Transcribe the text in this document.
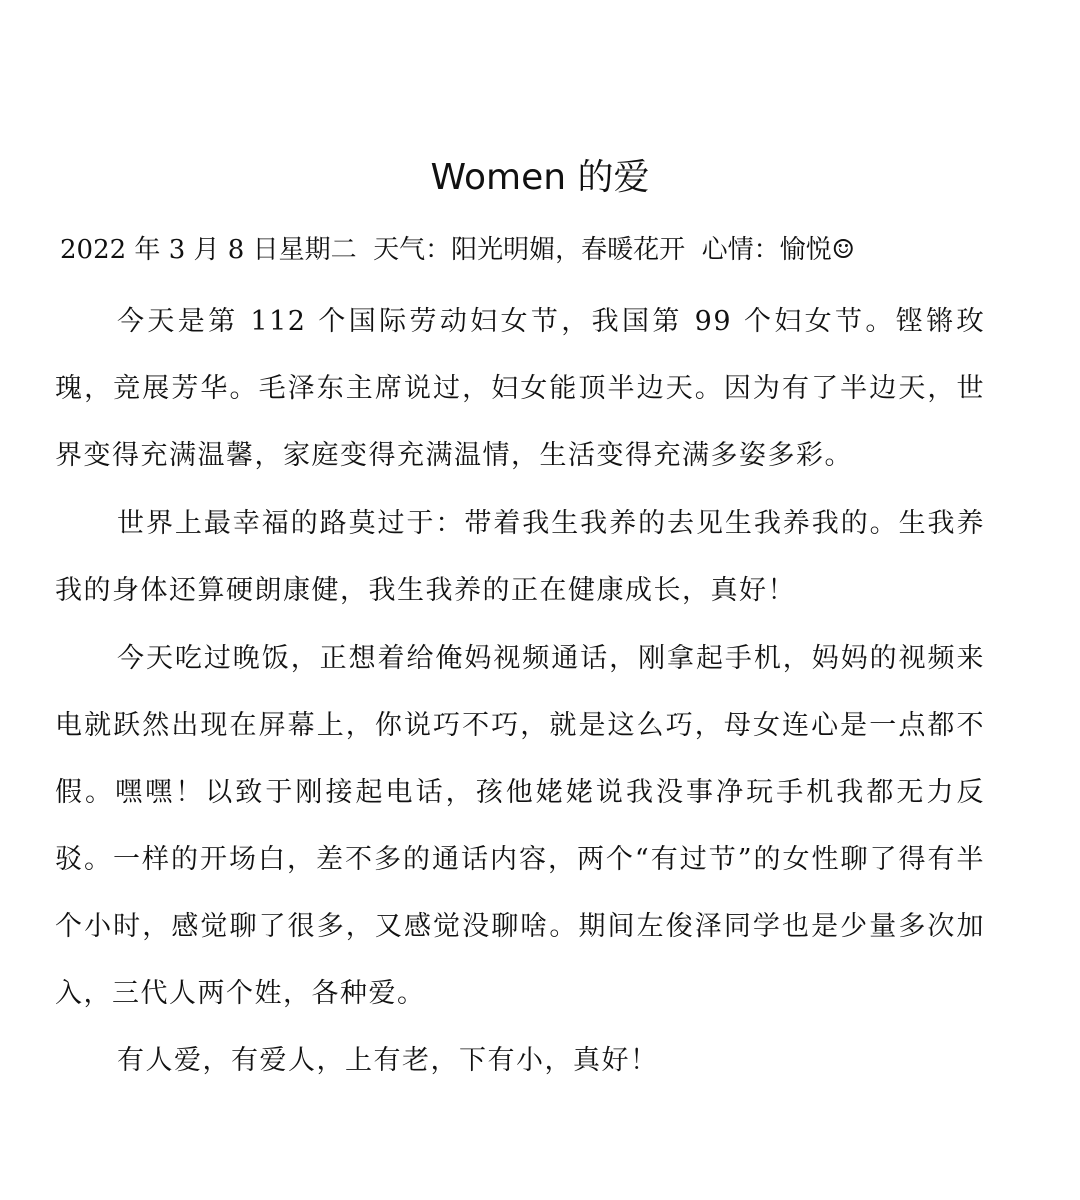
Women 的爱
2022 年 3 月 8 日星期二 天气：阳光明媚，春暖花开 心情：愉悦☺

今天是第 112 个国际劳动妇女节，我国第 99 个妇女节。铿锵玫瑰，竞展芳华。毛泽东主席说过，妇女能顶半边天。因为有了半边天，世界变得充满温馨，家庭变得充满温情，生活变得充满多姿多彩。

世界上最幸福的路莫过于：带着我生我养的去见生我养我的。生我养我的身体还算硬朗康健，我生我养的正在健康成长，真好！

今天吃过晚饭，正想着给俺妈视频通话，刚拿起手机，妈妈的视频来电就跃然出现在屏幕上，你说巧不巧，就是这么巧，母女连心是一点都不假。嘿嘿！以致于刚接起电话，孩他姥姥说我没事净玩手机我都无力反驳。一样的开场白，差不多的通话内容，两个“有过节”的女性聊了得有半个小时，感觉聊了很多，又感觉没聊啥。期间左俊泽同学也是少量多次加入，三代人两个姓，各种爱。

有人爱，有爱人，上有老，下有小，真好！
